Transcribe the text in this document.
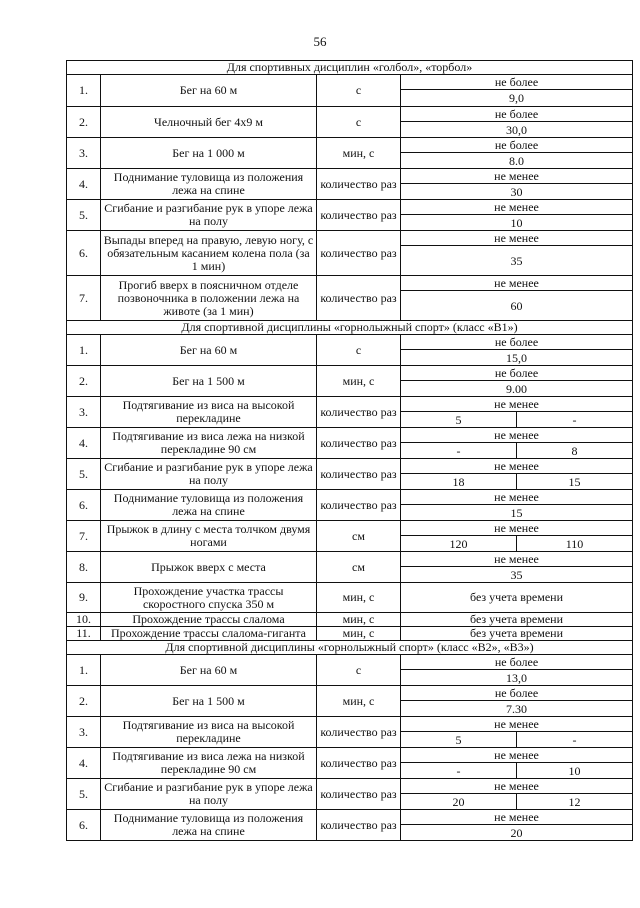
56
Для спортивных дисциплин «голбол», «торбол»			
1.	Бег на 60 м	с	не более
9,0

2.	Челночный бег 4х9 м	с	не более
30,0

3.	Бег на 1 000 м	мин, с	не более
8.0

4.	Поднимание туловища из положения лежа на спине	количество раз	не менее
30

5.	Сгибание и разгибание рук в упоре лежа на полу	количество раз	не менее
10

6.	Выпады вперед на правую, левую ногу, с обязательным касанием колена пола (за 1 мин)	количество раз	не менее
35

7.	Прогиб вверх в поясничном отделе позвоночника в положении лежа на животе (за 1 мин)	количество раз	не менее
60

Для спортивной дисциплины «горнолыжный спорт» (класс «В1»)			
1.	Бег на 60 м	с	не более
15,0

2.	Бег на 1 500 м	мин, с	не более
9.00

3.	Подтягивание из виса на высокой перекладине	количество раз	не менее
5 -

4.	Подтягивание из виса лежа на низкой перекладине 90 см	количество раз	не менее
- 8

5.	Сгибание и разгибание рук в упоре лежа на полу	количество раз	не менее
18 15

6.	Поднимание туловища из положения лежа на спине	количество раз	не менее
15

7.	Прыжок в длину с места толчком двумя ногами	см	не менее
120 110

8.	Прыжок вверх с места	см	не менее
35

9.	Прохождение участка трассы скоростного спуска 350 м	мин, с	без учета времени
10.	Прохождение трассы слалома	мин, с	без учета времени
11.	Прохождение трассы слалома-гиганта	мин, с	без учета времени
Для спортивной дисциплины «горнолыжный спорт» (класс «В2», «В3»)			
1.	Бег на 60 м	с	не более
13,0

2.	Бег на 1 500 м	мин, с	не более
7.30

3.	Подтягивание из виса на высокой перекладине	количество раз	не менее
5 -

4.	Подтягивание из виса лежа на низкой перекладине 90 см	количество раз	не менее
- 10

5.	Сгибание и разгибание рук в упоре лежа на полу	количество раз	не менее
20 12

6.	Поднимание туловища из положения лежа на спине	количество раз	не менее
20
